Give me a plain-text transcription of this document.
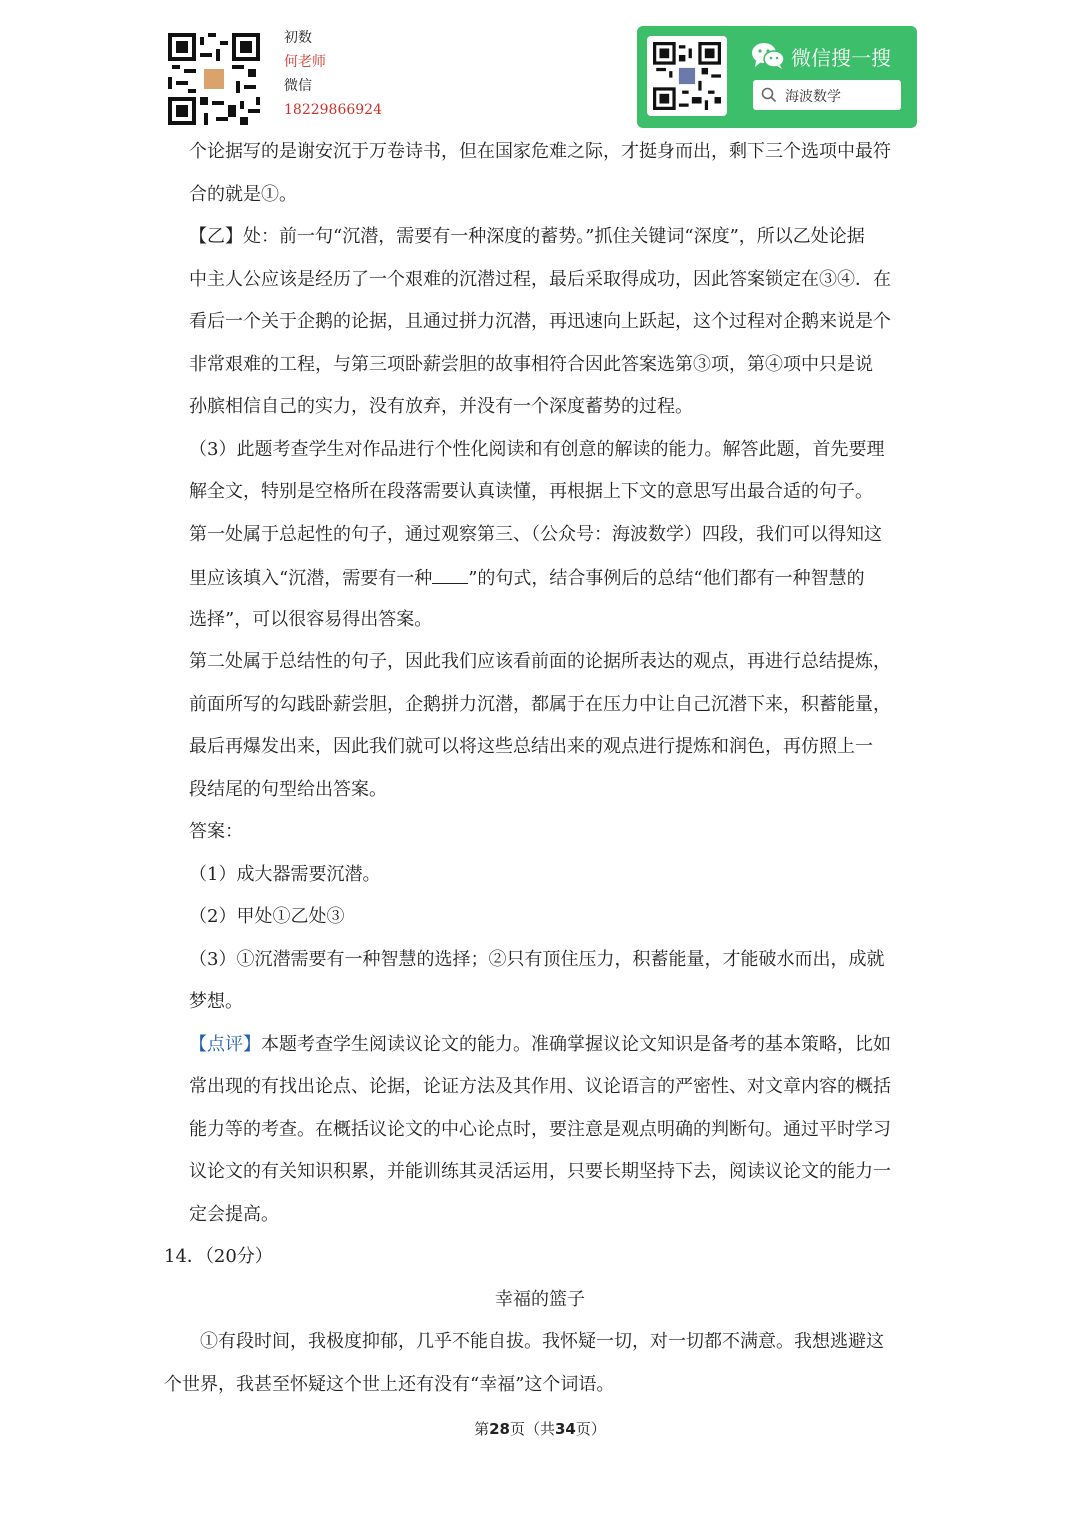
初数
何老师
微信
18229866924
微信搜一搜
海波数学
个论据写的是谢安沉于万卷诗书，但在国家危难之际，才挺身而出，剩下三个选项中最符
合的就是①。
【乙】处：前一句“沉潜，需要有一种深度的蓄势。”抓住关键词“深度”，所以乙处论据
中主人公应该是经历了一个艰难的沉潜过程，最后采取得成功，因此答案锁定在③④．在
看后一个关于企鹅的论据，且通过拼力沉潜，再迅速向上跃起，这个过程对企鹅来说是个
非常艰难的工程，与第三项卧薪尝胆的故事相符合因此答案选第③项，第④项中只是说
孙膑相信自己的实力，没有放弃，并没有一个深度蓄势的过程。
（3）此题考查学生对作品进行个性化阅读和有创意的解读的能力。解答此题，首先要理
解全文，特别是空格所在段落需要认真读懂，再根据上下文的意思写出最合适的句子。
第一处属于总起性的句子，通过观察第三、（公众号：海波数学）四段，我们可以得知这
里应该填入“沉潜，需要有一种 ”的句式，结合事例后的总结“他们都有一种智慧的
选择”，可以很容易得出答案。
第二处属于总结性的句子，因此我们应该看前面的论据所表达的观点，再进行总结提炼，
前面所写的勾践卧薪尝胆，企鹅拼力沉潜，都属于在压力中让自己沉潜下来，积蓄能量，
最后再爆发出来，因此我们就可以将这些总结出来的观点进行提炼和润色，再仿照上一
段结尾的句型给出答案。
答案：
（1）成大器需要沉潜。
（2）甲处①乙处③
（3）①沉潜需要有一种智慧的选择；②只有顶住压力，积蓄能量，才能破水而出，成就
梦想。
【点评】本题考查学生阅读议论文的能力。准确掌握议论文知识是备考的基本策略，比如
常出现的有找出论点、论据，论证方法及其作用、议论语言的严密性、对文章内容的概括
能力等的考查。在概括议论文的中心论点时，要注意是观点明确的判断句。通过平时学习
议论文的有关知识积累，并能训练其灵活运用，只要长期坚持下去，阅读议论文的能力一
定会提高。
14．（20分）
幸福的篮子
①有段时间，我极度抑郁，几乎不能自拔。我怀疑一切，对一切都不满意。我想逃避这
个世界，我甚至怀疑这个世上还有没有“幸福”这个词语。
第28页（共34页）
